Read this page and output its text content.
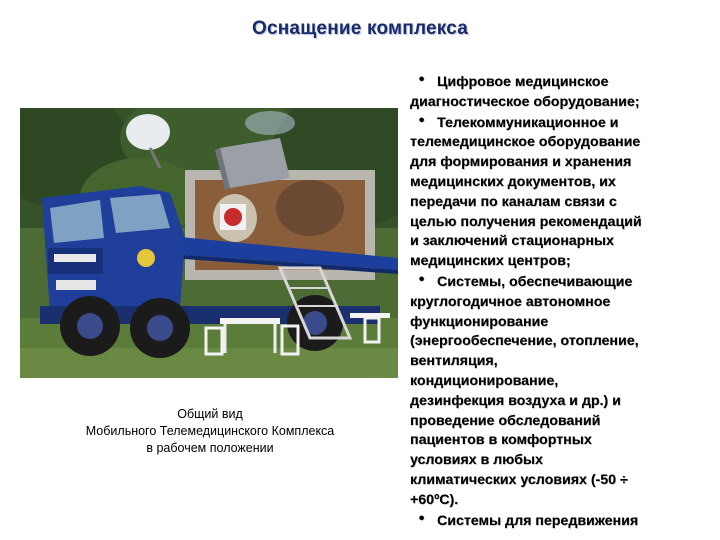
Оснащение комплекса
Общий вид
Мобильного Телемедицинского Комплекса
в рабочем положении
• Цифровое медицинское
диагностическое оборудование;
• Телекоммуникационное и
телемедицинское оборудование
для формирования и хранения
медицинских документов, их
передачи по каналам связи с
целью получения рекомендаций
и заключений стационарных
медицинских центров;
• Системы, обеспечивающие
круглогодичное автономное
функционирование
(энергообеспечение, отопление,
вентиляция,
кондиционирование,
дезинфекция воздуха и др.) и
проведение обследований
пациентов в комфортных
условиях в любых
климатических условиях (-50 ÷
+60ºС).
• Системы для передвижения
